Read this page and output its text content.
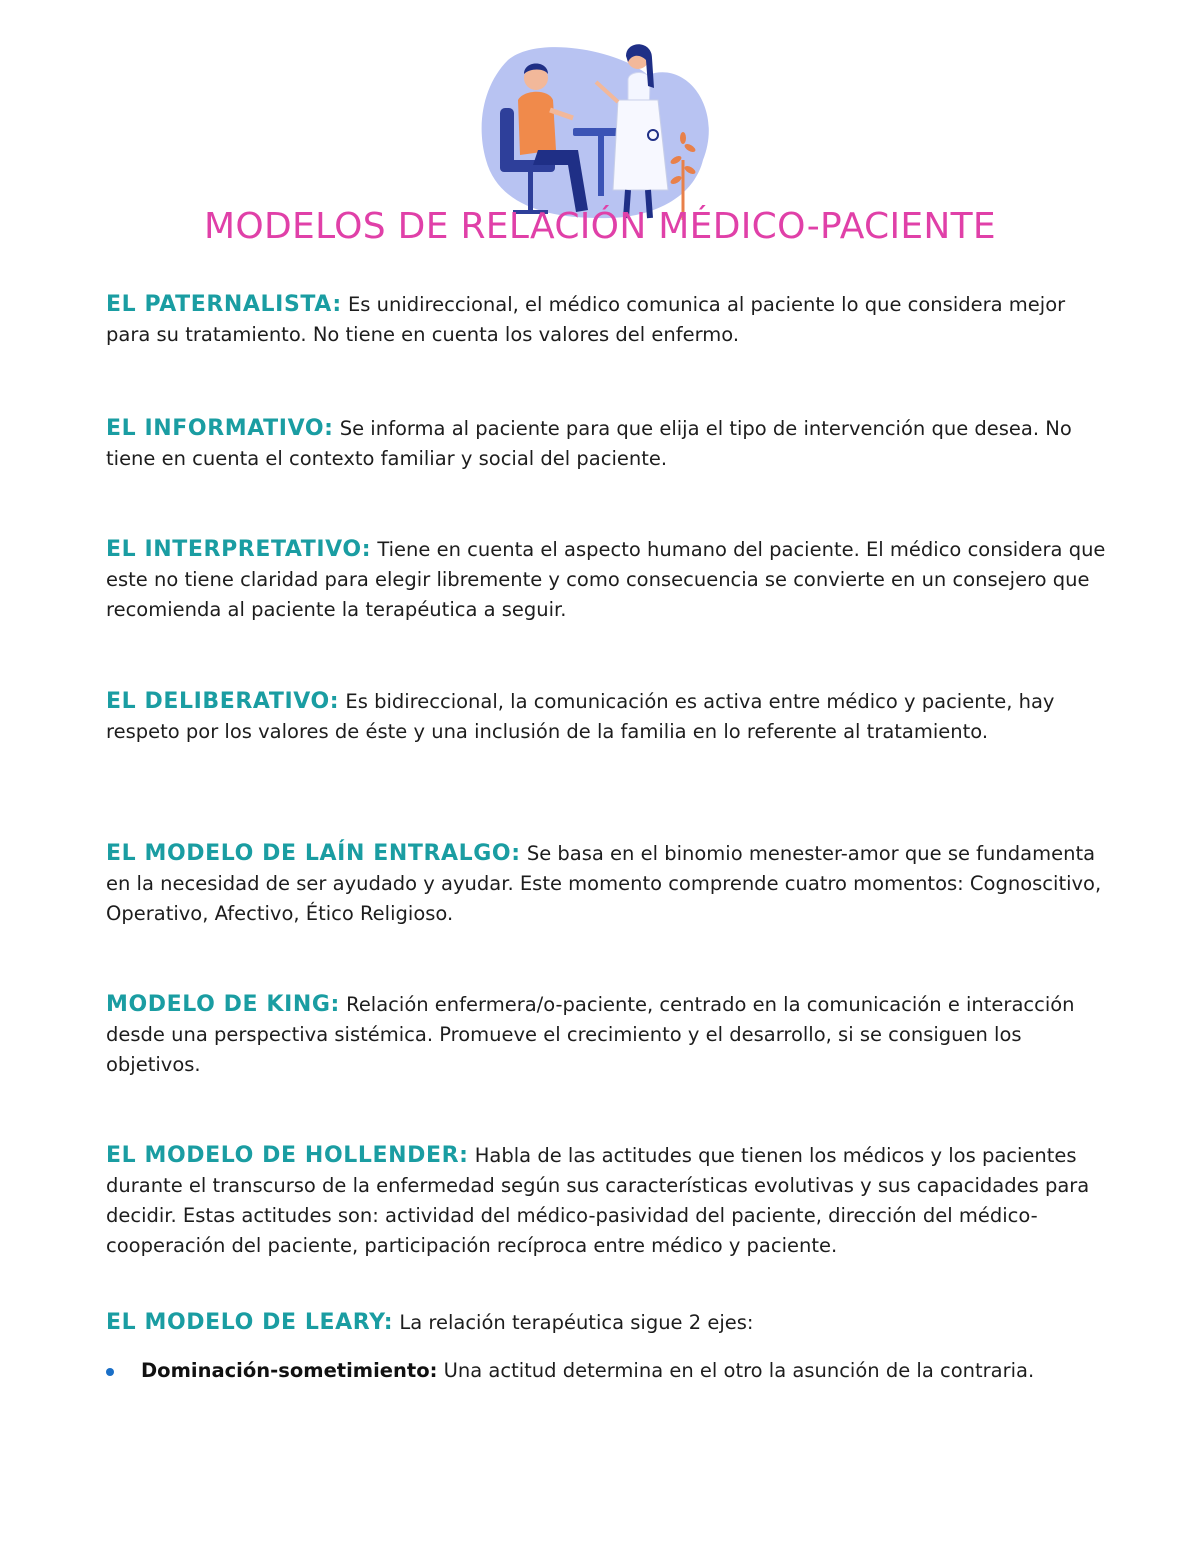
MODELOS DE RELACIÓN MÉDICO-PACIENTE

EL PATERNALISTA: Es unidireccional, el médico comunica al paciente lo que considera mejor para su tratamiento. No tiene en cuenta los valores del enfermo.

EL INFORMATIVO: Se informa al paciente para que elija el tipo de intervención que desea. No tiene en cuenta el contexto familiar y social del paciente.

EL INTERPRETATIVO: Tiene en cuenta el aspecto humano del paciente. El médico considera que este no tiene claridad para elegir libremente y como consecuencia se convierte en un consejero que recomienda al paciente la terapéutica a seguir.

EL DELIBERATIVO: Es bidireccional, la comunicación es activa entre médico y paciente, hay respeto por los valores de éste y una inclusión de la familia en lo referente al tratamiento.

EL MODELO DE LAÍN ENTRALGO: Se basa en el binomio menester-amor que se fundamenta en la necesidad de ser ayudado y ayudar. Este momento comprende cuatro momentos: Cognoscitivo, Operativo, Afectivo, Ético Religioso.

MODELO DE KING: Relación enfermera/o-paciente, centrado en la comunicación e interacción desde una perspectiva sistémica. Promueve el crecimiento y el desarrollo, si se consiguen los objetivos.

EL MODELO DE HOLLENDER: Habla de las actitudes que tienen los médicos y los pacientes durante el transcurso de la enfermedad según sus características evolutivas y sus capacidades para decidir. Estas actitudes son: actividad del médico-pasividad del paciente, dirección del médico-cooperación del paciente, participación recíproca entre médico y paciente.

EL MODELO DE LEARY: La relación terapéutica sigue 2 ejes:

Dominación-sometimiento: Una actitud determina en el otro la asunción de la contraria.
